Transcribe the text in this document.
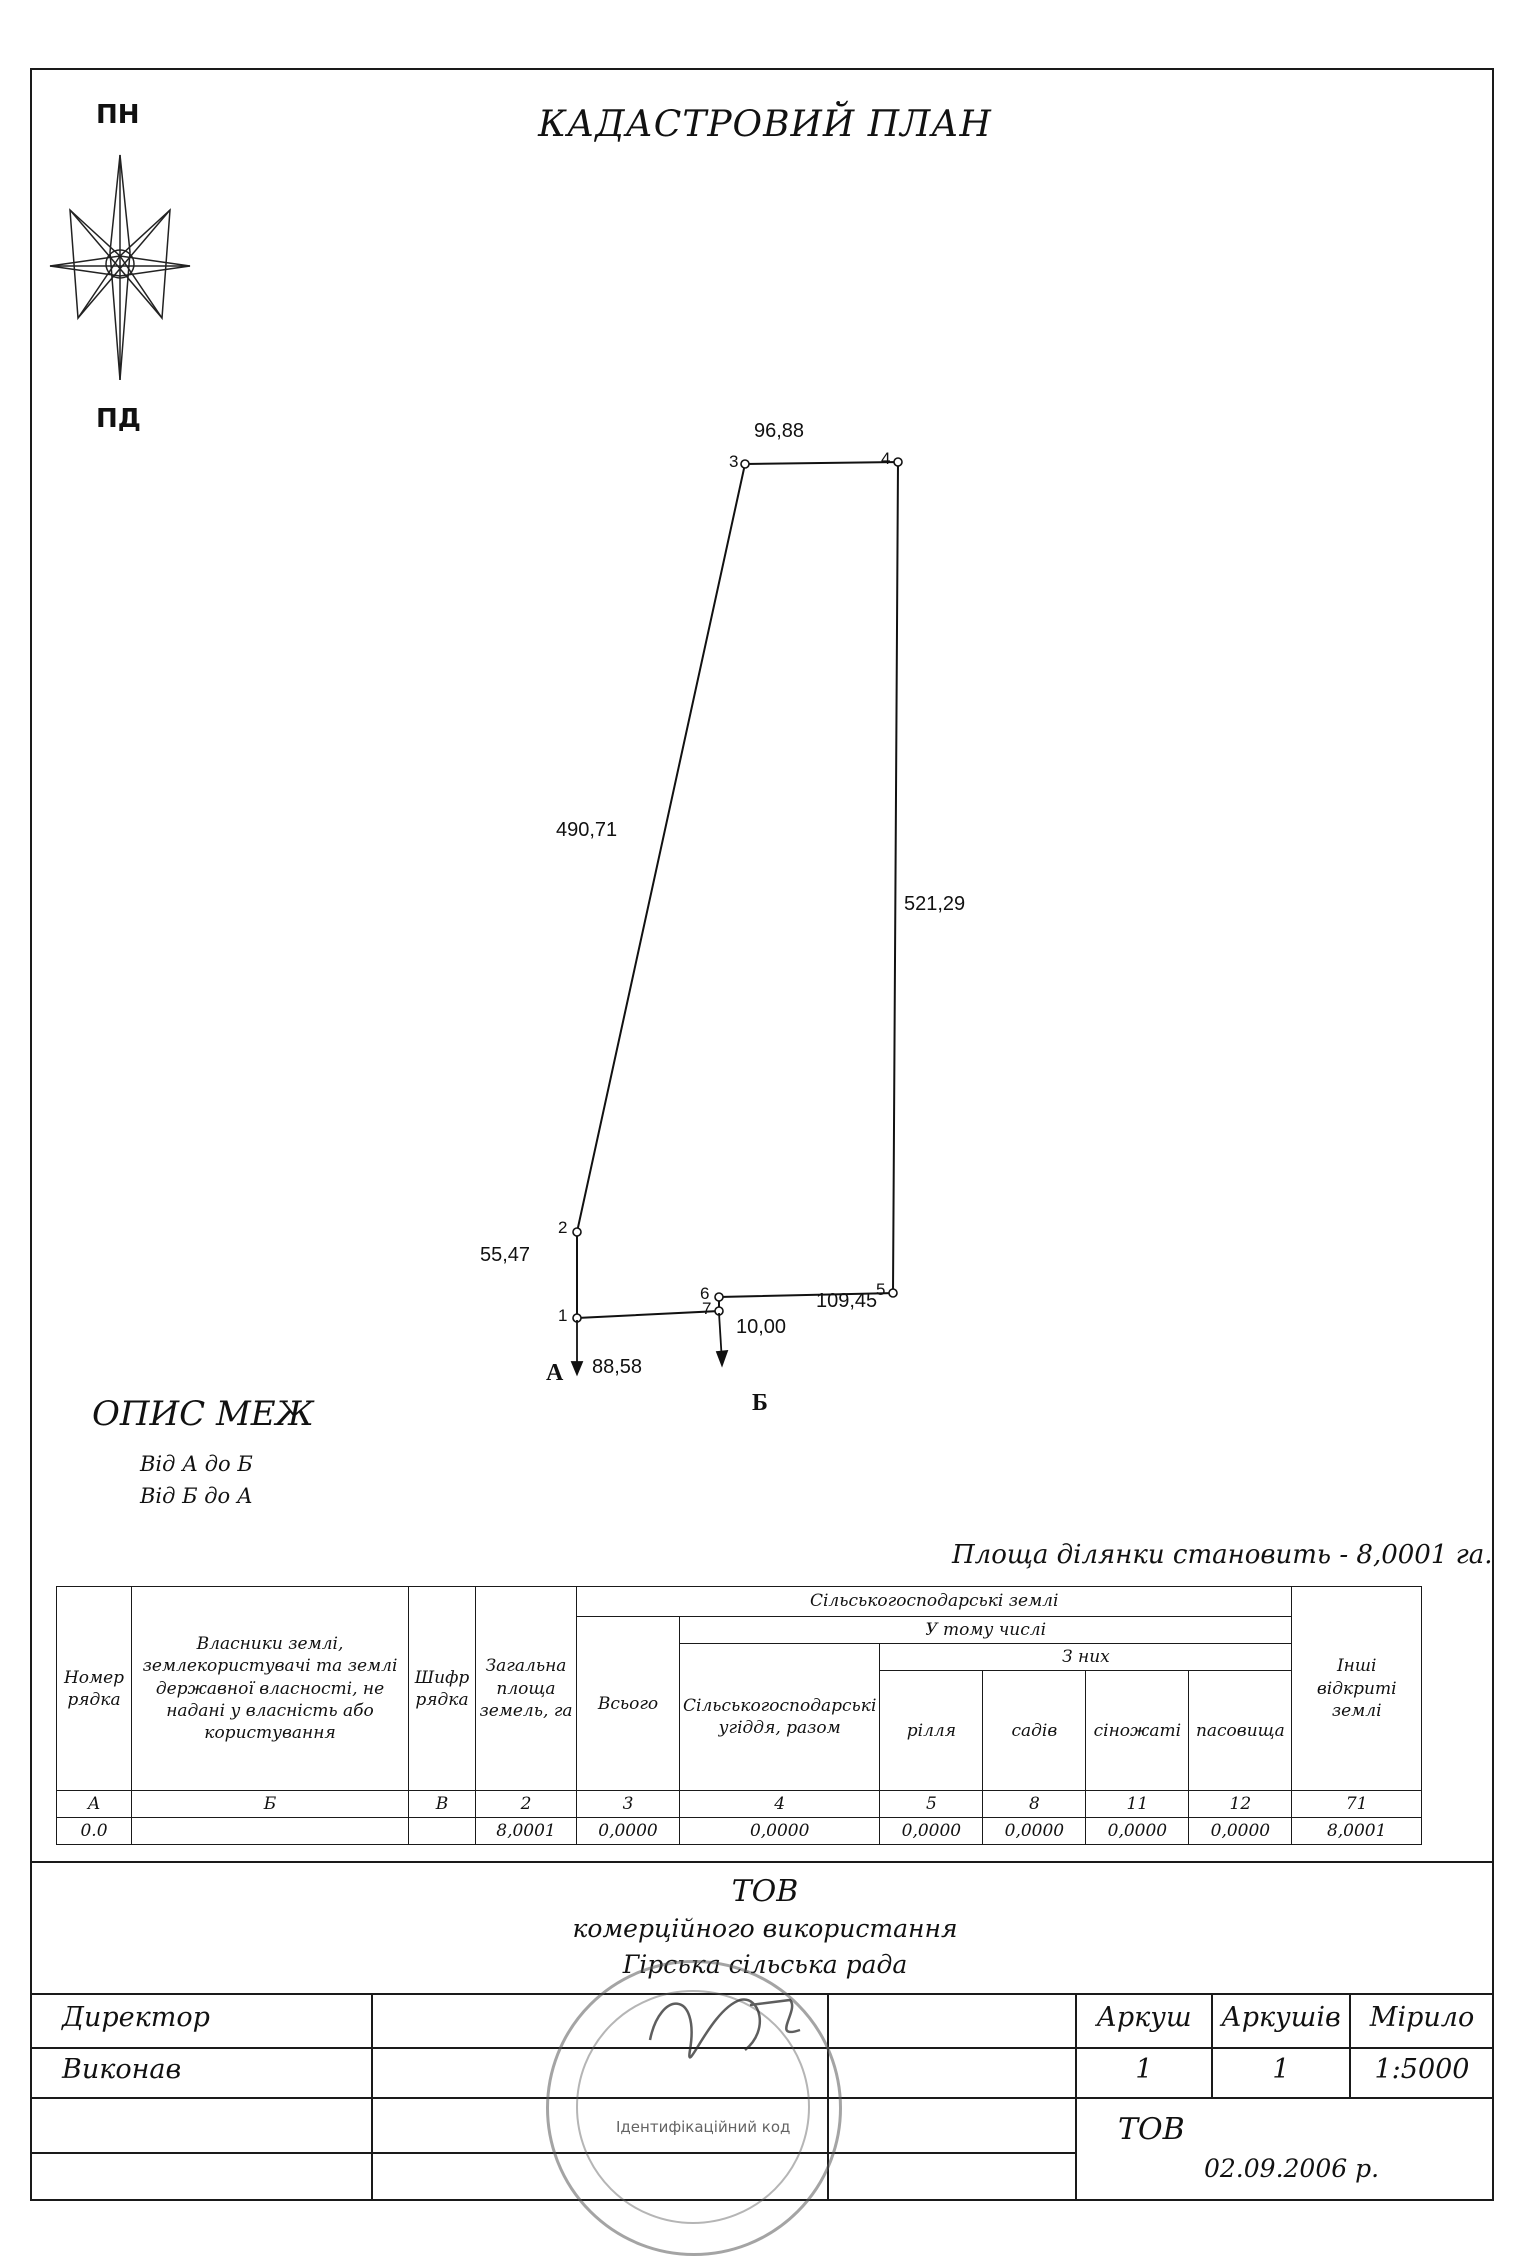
КАДАСТРОВИЙ ПЛАН
ПН
ПД
1
2
3	4
5
6
7
96,88
490,71
521,29
55,47
109,45
10,00
88,58
А
Б
ОПИС МЕЖ
Від А до Б
Від Б до А
Площа ділянки становить - 8,0001 га.
Номер рядка	Власники землі, землекористувачі та землі державної власності, не надані у власність або користування	Шифр рядка	Загальна площа земель, га	Сільськогосподарські землі						Інші відкриті землі
				Всього	У тому числі					
					Сільськогосподарські угіддя, разом	З них				
						рілля	садів	сіножаті	пасовища	
А	Б	В	2	3	4	5	8	11	12	71
0.0			8,0001	0,0000	0,0000	0,0000	0,0000	0,0000	0,0000	8,0001
ТОВ
комерційного використання
Гірська сільська рада
Директор
Виконав
Аркуш	Аркушів	Мірило
1	1	1:5000
ТОВ
02.09.2006 р.
Ідентифікаційний код
